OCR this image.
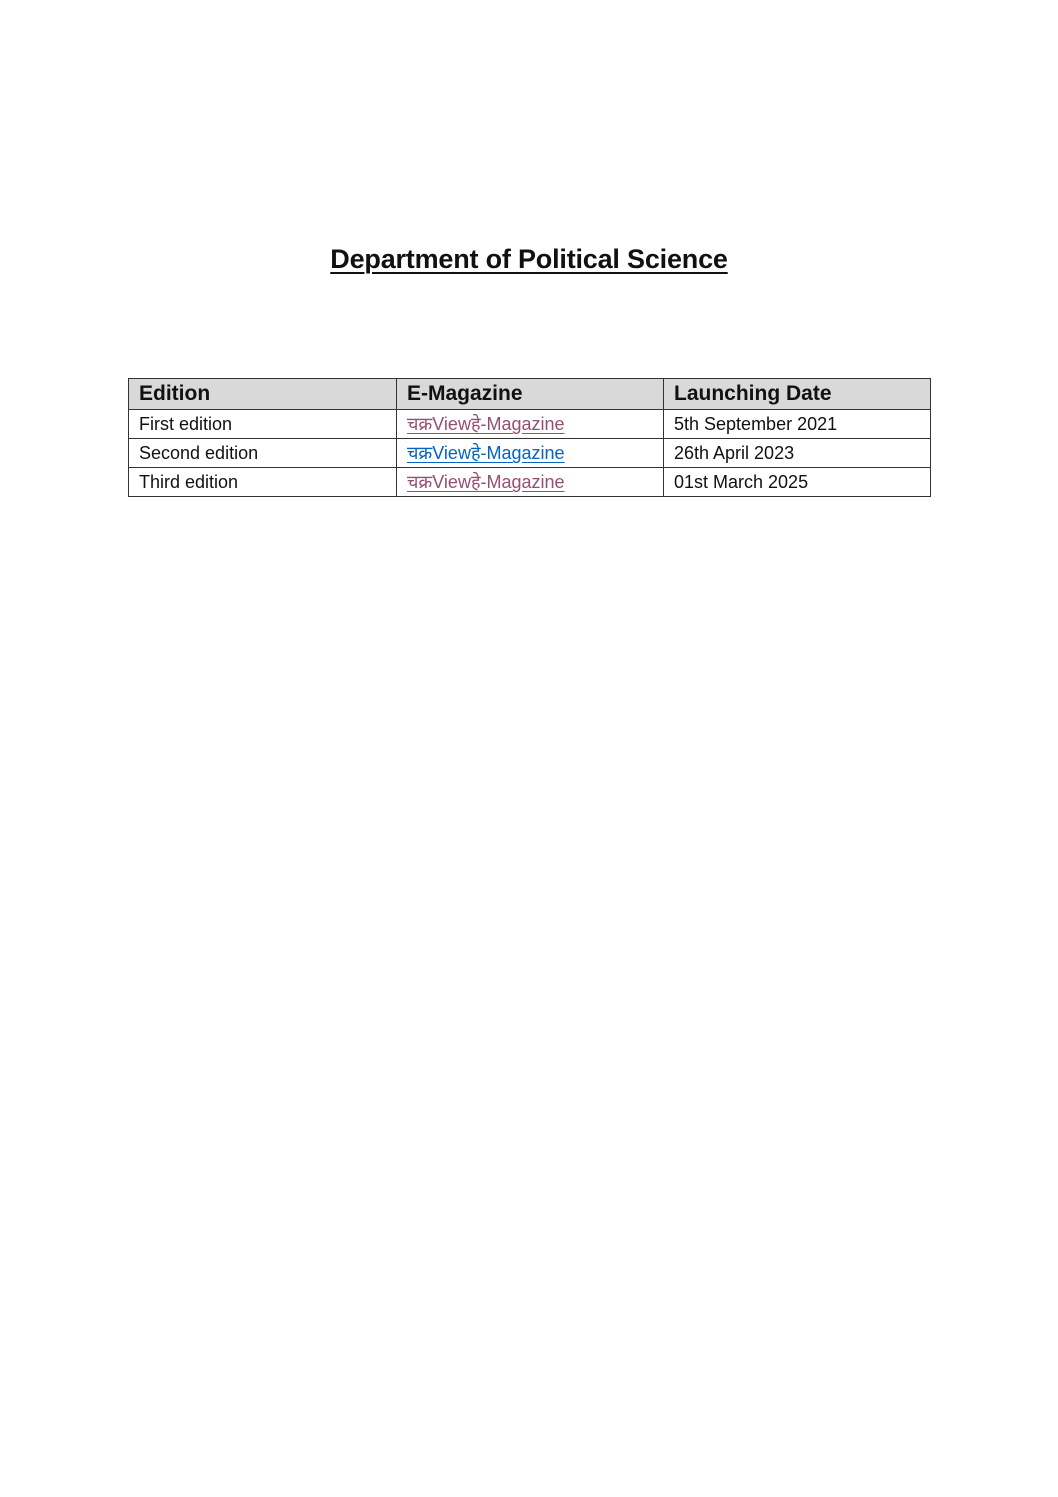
Department of Political Science
Edition	E-Magazine	Launching Date
First edition	चक्रViewहे-Magazine	5th September 2021
Second edition	चक्रViewहे-Magazine	26th April 2023
Third edition	चक्रViewहे-Magazine	01st March 2025
